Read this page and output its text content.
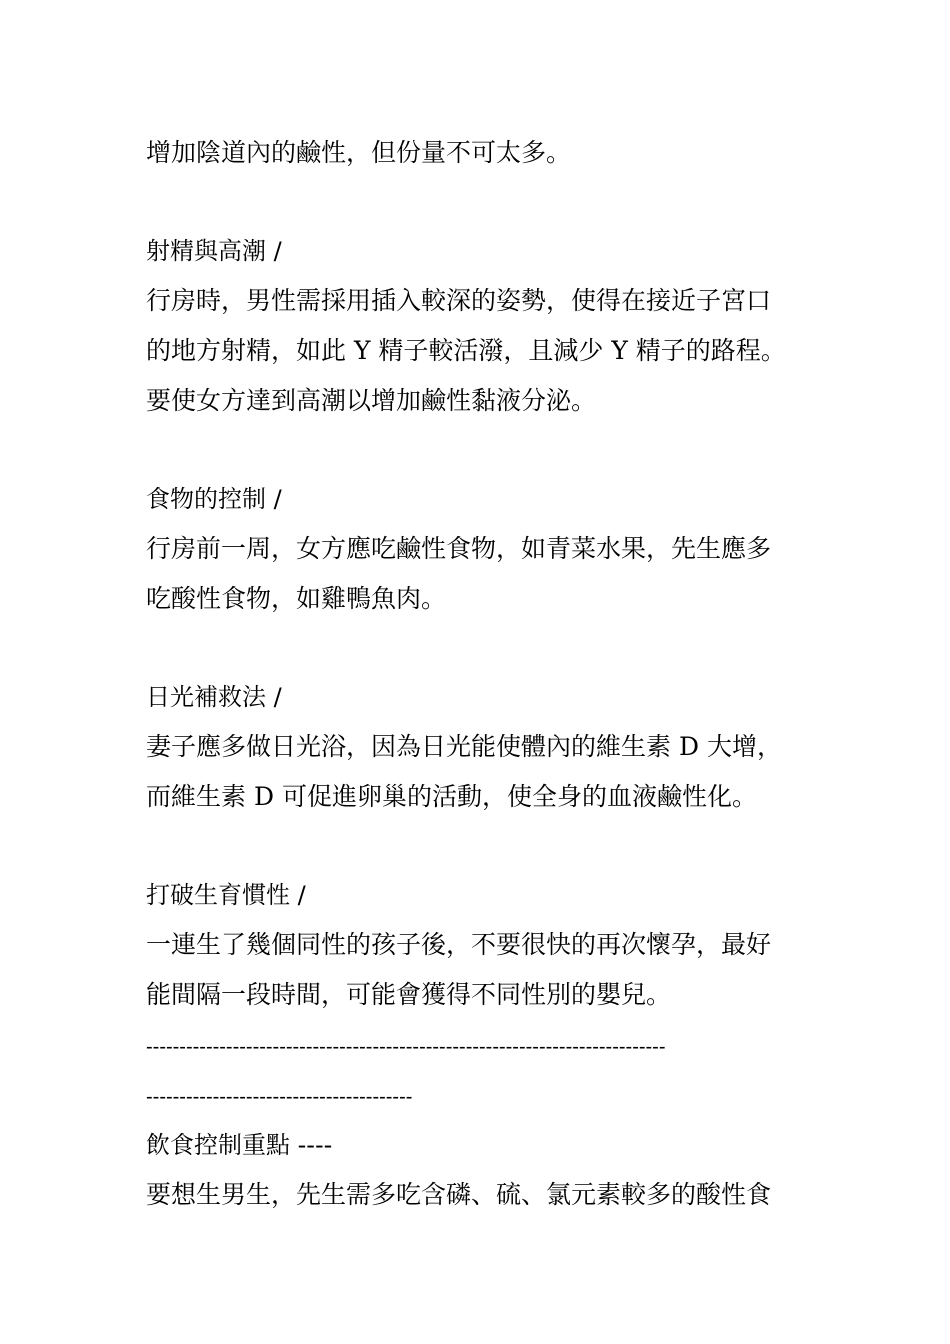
增加陰道內的鹼性，但份量不可太多。
射精與高潮 /
行房時，男性需採用插入較深的姿勢，使得在接近子宮口
的地方射精，如此 Y 精子較活潑，且減少 Y 精子的路程。
要使女方達到高潮以增加鹼性黏液分泌。
食物的控制 /
行房前一周，女方應吃鹼性食物，如青菜水果，先生應多
吃酸性食物，如雞鴨魚肉。
日光補救法 /
妻子應多做日光浴，因為日光能使體內的維生素 D 大增，
而維生素 D 可促進卵巢的活動，使全身的血液鹼性化。
打破生育慣性 /
一連生了幾個同性的孩子後，不要很快的再次懷孕，最好
能間隔一段時間，可能會獲得不同性別的嬰兒。
------------------------------------------------------------------------------
----------------------------------------
飲食控制重點 ----
要想生男生，先生需多吃含磷、硫、氯元素較多的酸性食
